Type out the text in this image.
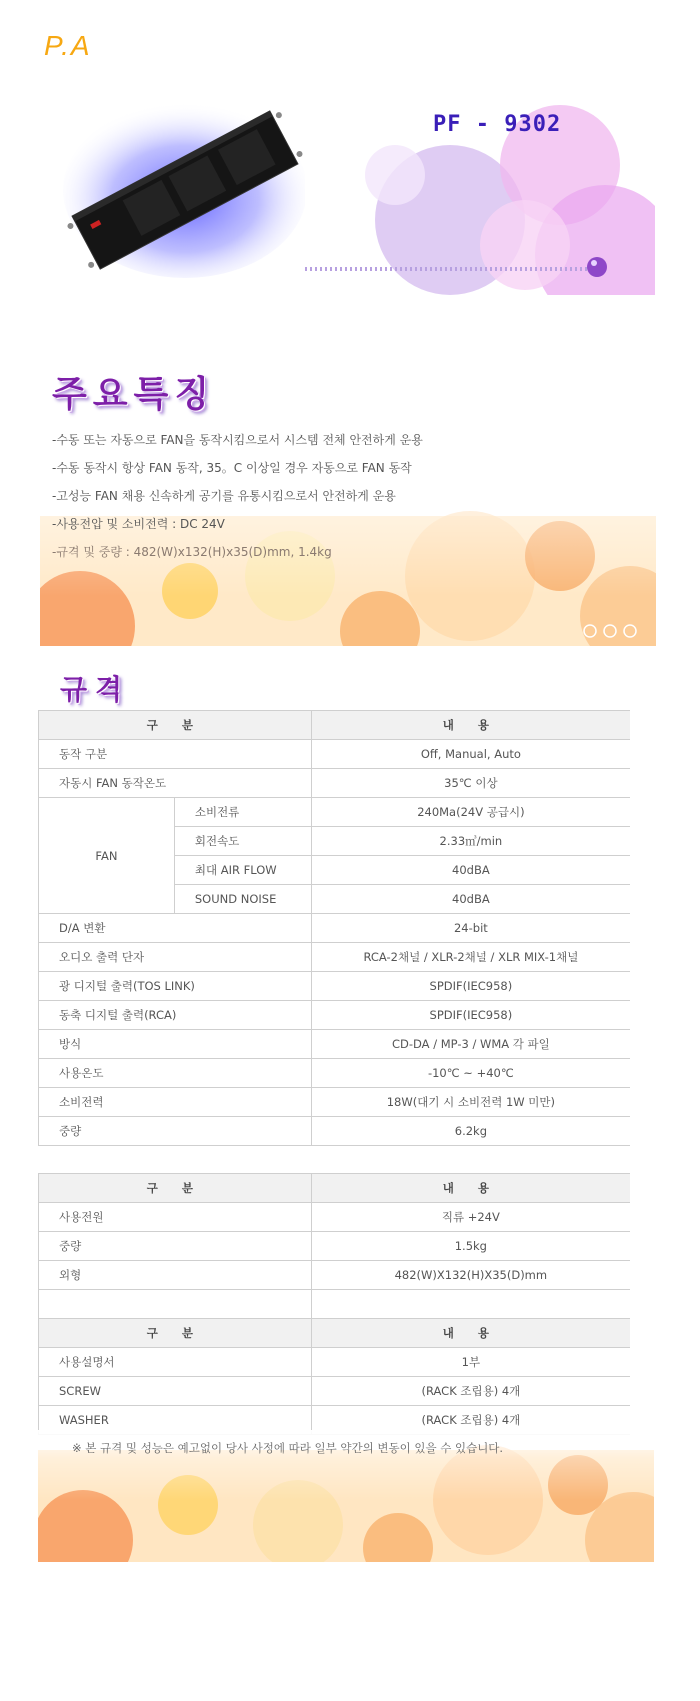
P.A
PF - 9302
주요특징
-수동 또는 자동으로 FAN을 동작시킴으로서 시스템 전체 안전하게 운용
-수동 동작시 항상 FAN 동작, 35。C 이상일 경우 자동으로 FAN 동작
-고성능 FAN 채용 신속하게 공기를 유통시킴으로서 안전하게 운용
-사용전압 및 소비전력 : DC 24V
-규격 및 중량 : 482(W)x132(H)x35(D)mm, 1.4kg
규격
구 분		내 용
동작 구분		Off, Manual, Auto
자동시 FAN 동작온도		35℃ 이상
FAN	소비전류	240Ma(24V 공급시)
	회전속도	2.33㎥/min
	최대 AIR FLOW	40dBA
	SOUND NOISE	40dBA
D/A 변환		24-bit
오디오 출력 단자		RCA-2채널 / XLR-2채널 / XLR MIX-1채널
광 디지털 출력(TOS LINK)		SPDIF(IEC958)
동축 디지털 출력(RCA)		SPDIF(IEC958)
방식		CD-DA / MP-3 / WMA 각 파일
사용온도		-10℃ ~ +40℃
소비전력		18W(대기 시 소비전력 1W 미만)
중량		6.2kg
구 분	내 용
사용전원	직류 +24V
중량	1.5kg
외형	482(W)X132(H)X35(D)mm

구 분	내 용
사용설명서	1부
SCREW	(RACK 조립용) 4개
WASHER	(RACK 조립용) 4개
※ 본 규격 및 성능은 예고없이 당사 사정에 따라 일부 약간의 변동이 있을 수 있습니다.
